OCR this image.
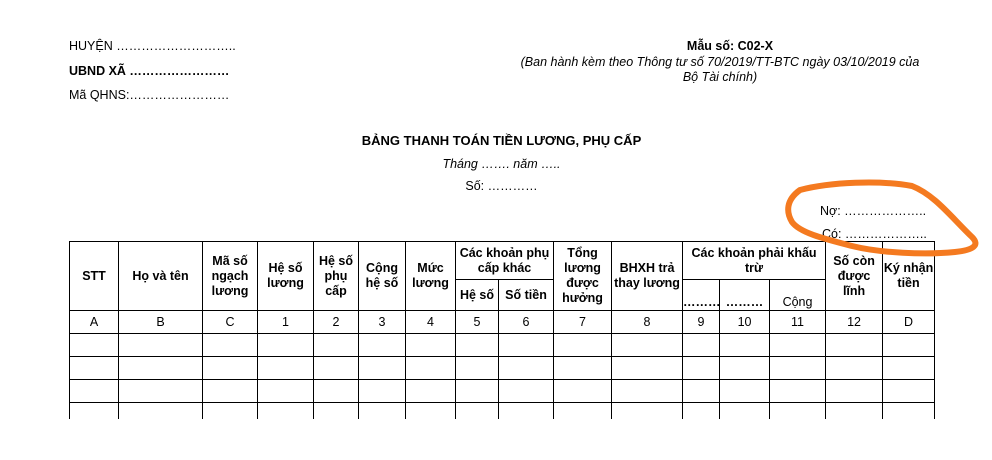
HUYỆN ………………………..
UBND XÃ ……………………
Mã QHNS:……………………
Mẫu số: C02-X
(Ban hành kèm theo Thông tư số 70/2019/TT-BTC ngày 03/10/2019 của
Bộ Tài chính)
BẢNG THANH TOÁN TIỀN LƯƠNG, PHỤ CẤP
Tháng ……. năm …..
Số: …………
Nợ: ………………..
Có: ………………..
STT	Họ và tên	Mã số ngạch lương	Hệ số lương	Hệ số phụ cấp	Cộng hệ số	Mức lương	Các khoản phụ cấp khác		Tổng lương được hưởng	BHXH trả thay lương	Các khoản phải khấu trừ			Số còn được lĩnh	Ký nhận tiền
							Hệ số	Số tiền			………	………	Cộng		
A	B	C	1	2	3	4	5	6	7	8	9	10	11	12	D
